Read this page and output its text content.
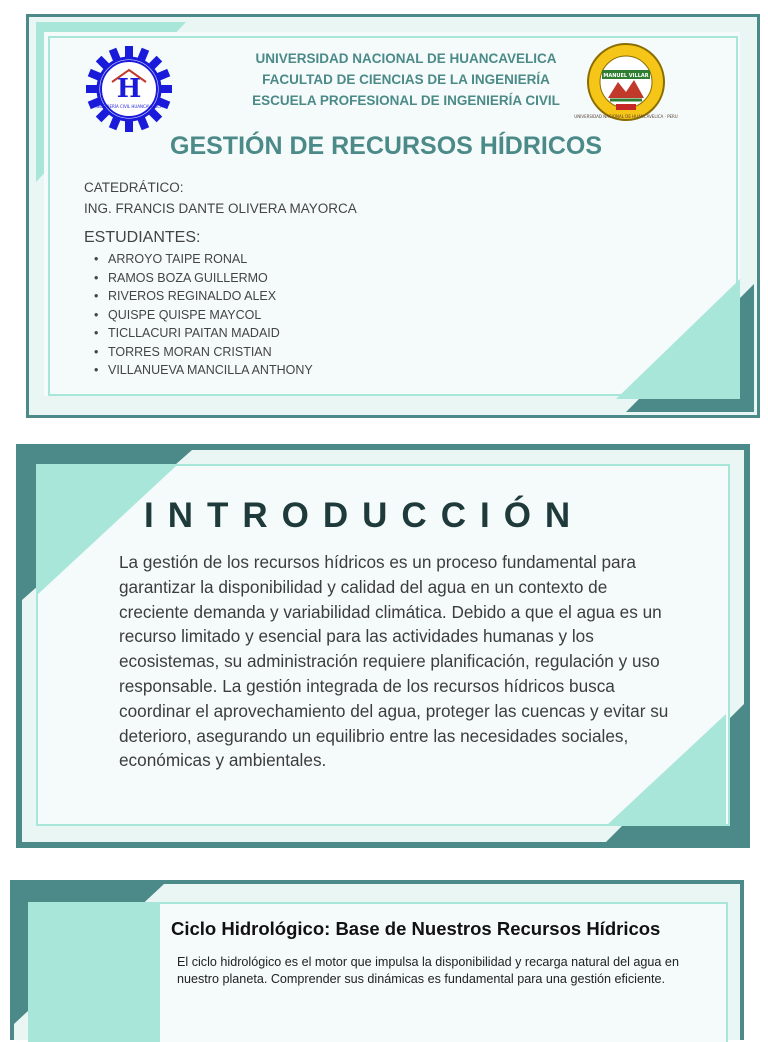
H
INGENIERÍA CIVIL HUANCAVELICA
MANUEL VILLAR
UNIVERSIDAD NACIONAL DE HUANCAVELICA · PERU
UNIVERSIDAD NACIONAL DE HUANCAVELICA
FACULTAD DE CIENCIAS DE LA INGENIERÍA
ESCUELA PROFESIONAL DE INGENIERÍA CIVIL
GESTIÓN DE RECURSOS HÍDRICOS
CATEDRÁTICO:
ING. FRANCIS DANTE OLIVERA MAYORCA
ESTUDIANTES:
• ARROYO TAIPE RONAL
• RAMOS BOZA GUILLERMO
• RIVEROS REGINALDO ALEX
• QUISPE QUISPE MAYCOL
• TICLLACURI PAITAN MADAID
• TORRES MORAN CRISTIAN
• VILLANUEVA MANCILLA ANTHONY
INTRODUCCIÓN
La gestión de los recursos hídricos es un proceso fundamental para garantizar la disponibilidad y calidad del agua en un contexto de creciente demanda y variabilidad climática. Debido a que el agua es un recurso limitado y esencial para las actividades humanas y los ecosistemas, su administración requiere planificación, regulación y uso responsable. La gestión integrada de los recursos hídricos busca coordinar el aprovechamiento del agua, proteger las cuencas y evitar su deterioro, asegurando un equilibrio entre las necesidades sociales, económicas y ambientales.
Ciclo Hidrológico: Base de Nuestros Recursos Hídricos
El ciclo hidrológico es el motor que impulsa la disponibilidad y recarga natural del agua en nuestro planeta. Comprender sus dinámicas es fundamental para una gestión eficiente.
